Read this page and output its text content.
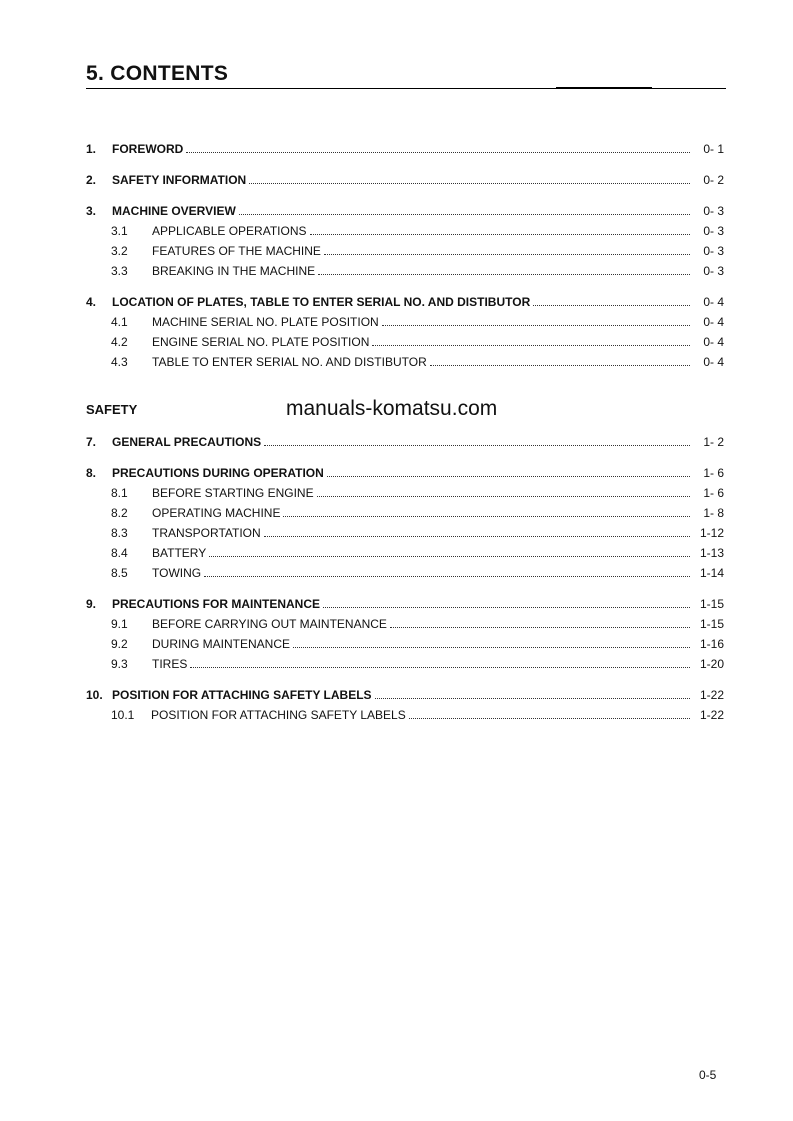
5. CONTENTS
1.	FOREWORD	0- 1
2.	SAFETY INFORMATION	0- 2
3.	MACHINE OVERVIEW	0- 3
3.1	APPLICABLE OPERATIONS	0- 3
3.2	FEATURES OF THE MACHINE	0- 3
3.3	BREAKING IN THE MACHINE	0- 3
4.	LOCATION OF PLATES, TABLE TO ENTER SERIAL NO. AND DISTIBUTOR	0- 4
4.1	MACHINE SERIAL NO. PLATE POSITION	0- 4
4.2	ENGINE SERIAL NO. PLATE POSITION	0- 4
4.3	TABLE TO ENTER SERIAL NO. AND DISTIBUTOR	0- 4
SAFETY	manuals-komatsu.com
7.	GENERAL PRECAUTIONS	1- 2
8.	PRECAUTIONS DURING OPERATION	1- 6
8.1	BEFORE STARTING ENGINE	1- 6
8.2	OPERATING MACHINE	1- 8
8.3	TRANSPORTATION	1-12
8.4	BATTERY	1-13
8.5	TOWING	1-14
9.	PRECAUTIONS FOR MAINTENANCE	1-15
9.1	BEFORE CARRYING OUT MAINTENANCE	1-15
9.2	DURING MAINTENANCE	1-16
9.3	TIRES	1-20
10. POSITION FOR ATTACHING SAFETY LABELS	1-22
10.1	POSITION FOR ATTACHING SAFETY LABELS	1-22
0-5
